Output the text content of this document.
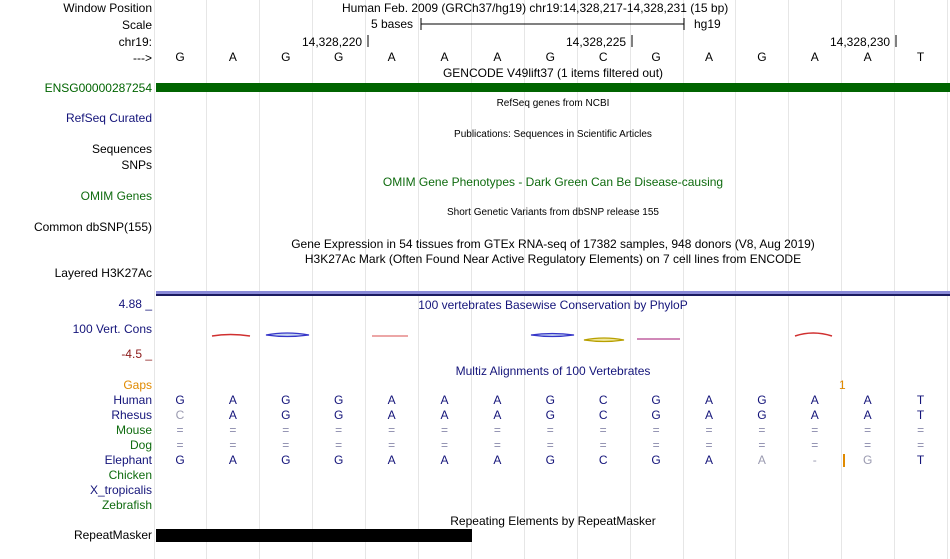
Window Position
Scale
chr19:
--->
Human Feb. 2009 (GRCh37/hg19) chr19:14,328,217-14,328,231 (15 bp)
5 bases	hg19
14,328,220	14,328,225	14,328,230
G	A	G	G	A	A	A	G	C	G	A	G	A	A	T
GENCODE V49lift37 (1 items filtered out)
ENSG00000287254
RefSeq genes from NCBI
RefSeq Curated
Publications: Sequences in Scientific Articles
Sequences
SNPs
OMIM Gene Phenotypes - Dark Green Can Be Disease-causing
OMIM Genes
Short Genetic Variants from dbSNP release 155
Common dbSNP(155)
Gene Expression in 54 tissues from GTEx RNA-seq of 17382 samples, 948 donors (V8, Aug 2019)
H3K27Ac Mark (Often Found Near Active Regulatory Elements) on 7 cell lines from ENCODE
Layered H3K27Ac
100 vertebrates Basewise Conservation by PhyloP
4.88 _
100 Vert. Cons
-4.5 _
Multiz Alignments of 100 Vertebrates
Gaps	1
Human	G	A	G	G	A	A	A	G	C	G	A	G	A	A	T
Rhesus	C	A	G	G	A	A	A	G	C	G	A	G	A	A	T
Mouse	=	=	=	=	=	=	=	=	=	=	=	=	=	=	=
Dog	=	=	=	=	=	=	=	=	=	=	=	=	=	=	=
Elephant	G	A	G	G	A	A	A	G	C	G	A	A	-	G	T
Chicken
X_tropicalis
Zebrafish
Repeating Elements by RepeatMasker
RepeatMasker
